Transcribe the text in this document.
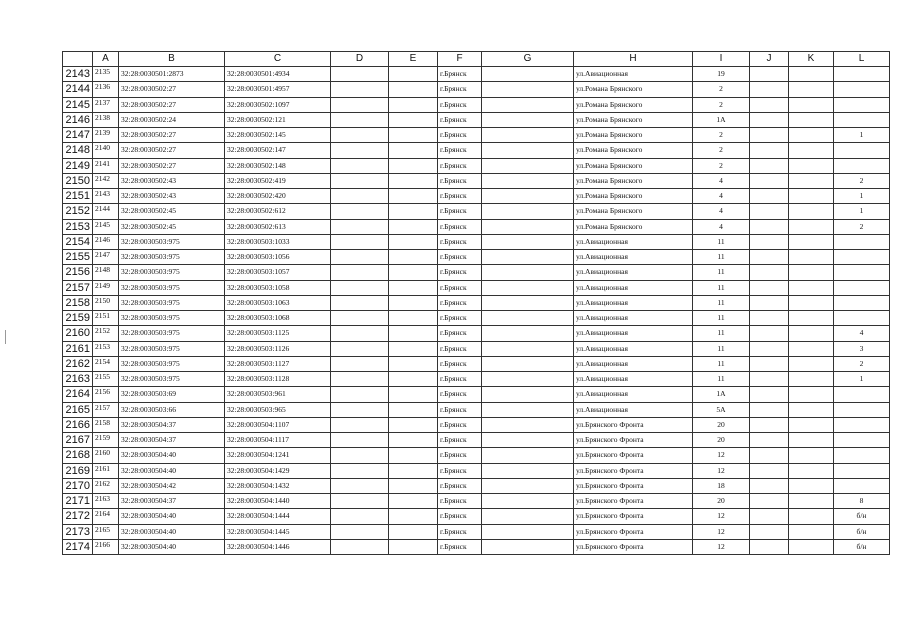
	A	B	C	D	E	F	G	H	I	J	K	L
2143	2135	32:28:0030501:2873	32:28:0030501:4934			г.Брянск		ул.Авиационная	19			
2144	2136	32:28:0030502:27	32:28:0030501:4957			г.Брянск		ул.Романа Брянского	2			
2145	2137	32:28:0030502:27	32:28:0030502:1097			г.Брянск		ул.Романа Брянского	2			
2146	2138	32:28:0030502:24	32:28:0030502:121			г.Брянск		ул.Романа Брянского	1А			
2147	2139	32:28:0030502:27	32:28:0030502:145			г.Брянск		ул.Романа Брянского	2			1
2148	2140	32:28:0030502:27	32:28:0030502:147			г.Брянск		ул.Романа Брянского	2			
2149	2141	32:28:0030502:27	32:28:0030502:148			г.Брянск		ул.Романа Брянского	2			
2150	2142	32:28:0030502:43	32:28:0030502:419			г.Брянск		ул.Романа Брянского	4			2
2151	2143	32:28:0030502:43	32:28:0030502:420			г.Брянск		ул.Романа Брянского	4			1
2152	2144	32:28:0030502:45	32:28:0030502:612			г.Брянск		ул.Романа Брянского	4			1
2153	2145	32:28:0030502:45	32:28:0030502:613			г.Брянск		ул.Романа Брянского	4			2
2154	2146	32:28:0030503:975	32:28:0030503:1033			г.Брянск		ул.Авиационная	11			
2155	2147	32:28:0030503:975	32:28:0030503:1056			г.Брянск		ул.Авиационная	11			
2156	2148	32:28:0030503:975	32:28:0030503:1057			г.Брянск		ул.Авиационная	11			
2157	2149	32:28:0030503:975	32:28:0030503:1058			г.Брянск		ул.Авиационная	11			
2158	2150	32:28:0030503:975	32:28:0030503:1063			г.Брянск		ул.Авиационная	11			
2159	2151	32:28:0030503:975	32:28:0030503:1068			г.Брянск		ул.Авиационная	11			
2160	2152	32:28:0030503:975	32:28:0030503:1125			г.Брянск		ул.Авиационная	11			4
2161	2153	32:28:0030503:975	32:28:0030503:1126			г.Брянск		ул.Авиационная	11			3
2162	2154	32:28:0030503:975	32:28:0030503:1127			г.Брянск		ул.Авиационная	11			2
2163	2155	32:28:0030503:975	32:28:0030503:1128			г.Брянск		ул.Авиационная	11			1
2164	2156	32:28:0030503:69	32:28:0030503:961			г.Брянск		ул.Авиационная	1А			
2165	2157	32:28:0030503:66	32:28:0030503:965			г.Брянск		ул.Авиационная	5А			
2166	2158	32:28:0030504:37	32:28:0030504:1107			г.Брянск		ул.Брянского Фронта	20			
2167	2159	32:28:0030504:37	32:28:0030504:1117			г.Брянск		ул.Брянского Фронта	20			
2168	2160	32:28:0030504:40	32:28:0030504:1241			г.Брянск		ул.Брянского Фронта	12			
2169	2161	32:28:0030504:40	32:28:0030504:1429			г.Брянск		ул.Брянского Фронта	12			
2170	2162	32:28:0030504:42	32:28:0030504:1432			г.Брянск		ул.Брянского Фронта	18			
2171	2163	32:28:0030504:37	32:28:0030504:1440			г.Брянск		ул.Брянского Фронта	20			8
2172	2164	32:28:0030504:40	32:28:0030504:1444			г.Брянск		ул.Брянского Фронта	12			б/н
2173	2165	32:28:0030504:40	32:28:0030504:1445			г.Брянск		ул.Брянского Фронта	12			б/н
2174	2166	32:28:0030504:40	32:28:0030504:1446			г.Брянск		ул.Брянского Фронта	12			б/н
